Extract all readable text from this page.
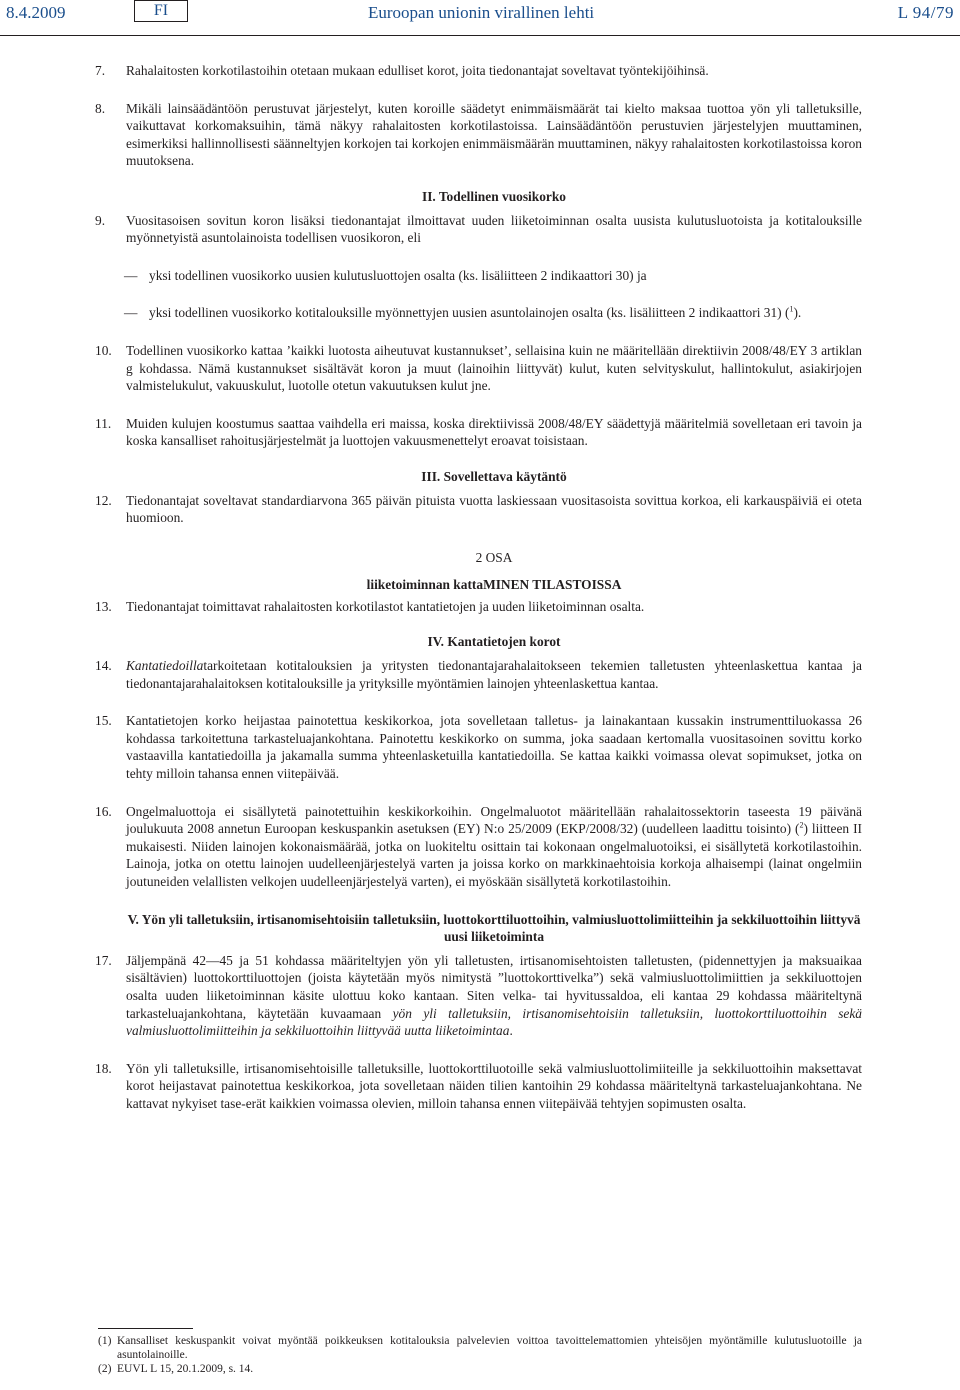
8.4.2009	FI	Euroopan unionin virallinen lehti	L 94/79
7. Rahalaitosten korkotilastoihin otetaan mukaan edulliset korot, joita tiedonantajat soveltavat työntekijöihinsä.
8. Mikäli lainsäädäntöön perustuvat järjestelyt, kuten koroille säädetyt enimmäismäärät tai kielto maksaa tuottoa yön yli talletuksille, vaikuttavat korkomaksuihin, tämä näkyy rahalaitosten korkotilastoissa. Lainsäädäntöön perustuvien järjestelyjen muuttaminen, esimerkiksi hallinnollisesti säänneltyjen korkojen tai korkojen enimmäismäärän muuttaminen, näkyy rahalaitosten korkotilastoissa koron muutoksena.
II. Todellinen vuosikorko
9. Vuositasoisen sovitun koron lisäksi tiedonantajat ilmoittavat uuden liiketoiminnan osalta uusista kulutusluotoista ja kotitalouksille myönnetyistä asuntolainoista todellisen vuosikoron, eli
— yksi todellinen vuosikorko uusien kulutusluottojen osalta (ks. lisäliitteen 2 indikaattori 30) ja
— yksi todellinen vuosikorko kotitalouksille myönnettyjen uusien asuntolainojen osalta (ks. lisäliitteen 2 indikaattori 31) ($^1$).
10. Todellinen vuosikorko kattaa ’kaikki luotosta aiheutuvat kustannukset’, sellaisina kuin ne määritellään direktiivin 2008/48/EY 3 artiklan g kohdassa. Nämä kustannukset sisältävät koron ja muut (lainoihin liittyvät) kulut, kuten selvityskulut, hallintokulut, asiakirjojen valmistelukulut, vakuuskulut, luotolle otetun vakuutuksen kulut jne.
11. Muiden kulujen koostumus saattaa vaihdella eri maissa, koska direktiivissä 2008/48/EY säädettyjä määritelmiä sovelletaan eri tavoin ja koska kansalliset rahoitusjärjestelmät ja luottojen vakuusmenettelyt eroavat toisistaan.
III. Sovellettava käytäntö
12. Tiedonantajat soveltavat standardiarvona 365 päivän pituista vuotta laskiessaan vuositasoista sovittua korkoa, eli karkauspäiviä ei oteta huomioon.
2 OSA
liiketoiminnan kattaMINEN TILASTOISSA
13. Tiedonantajat toimittavat rahalaitosten korkotilastot kantatietojen ja uuden liiketoiminnan osalta.
IV. Kantatietojen korot
14. Kantatiedoillatarkoitetaan kotitalouksien ja yritysten tiedonantajarahalaitokseen tekemien talletusten yhteenlaskettua kantaa ja tiedonantajarahalaitoksen kotitalouksille ja yrityksille myöntämien lainojen yhteenlaskettua kantaa.
15. Kantatietojen korko heijastaa painotettua keskikorkoa, jota sovelletaan talletus- ja lainakantaan kussakin instrumenttiluokassa 26 kohdassa tarkoitettuna tarkasteluajankohtana. Painotettu keskikorko on summa, joka saadaan kertomalla vuositasoinen sovittu korko vastaavilla kantatiedoilla ja jakamalla summa yhteenlasketuilla kantatiedoilla. Se kattaa kaikki voimassa olevat sopimukset, jotka on tehty milloin tahansa ennen viitepäivää.
16. Ongelmaluottoja ei sisällytetä painotettuihin keskikorkoihin. Ongelmaluotot määritellään rahalaitossektorin taseesta 19 päivänä joulukuuta 2008 annetun Euroopan keskuspankin asetuksen (EY) N:o 25/2009 (EKP/2008/32) (uudelleen laadittu toisinto) ($^2$) liitteen II mukaisesti. Niiden lainojen kokonaismäärää, jotka on luokiteltu osittain tai kokonaan ongelmaluotoiksi, ei sisällytetä korkotilastoihin. Lainoja, jotka on otettu lainojen uudelleenjärjestelyä varten ja joissa korko on markkinaehtoisia korkoja alhaisempi (lainat ongelmiin joutuneiden velallisten velkojen uudelleenjärjestelyä varten), ei myöskään sisällytetä korkotilastoihin.
V. Yön yli talletuksiin, irtisanomisehtoisiin talletuksiin, luottokorttiluottoihin, valmiusluottolimiitteihin ja sekkiluottoihin liittyvä uusi liiketoiminta
17. Jäljempänä 42—45 ja 51 kohdassa määriteltyjen yön yli talletusten, irtisanomisehtoisten talletusten, (pidennettyjen ja maksuaikaa sisältävien) luottokorttiluottojen (joista käytetään myös nimitystä ”luottokorttivelka”) sekä valmiusluottolimiittien ja sekkiluottojen osalta uuden liiketoiminnan käsite ulottuu koko kantaan. Siten velka- tai hyvitussaldoa, eli kantaa 29 kohdassa määriteltynä tarkasteluajankohtana, käytetään kuvaamaan yön yli talletuksiin, irtisanomisehtoisiin talletuksiin, luottokorttiluottoihin sekä valmiusluottolimiitteihin ja sekkiluottoihin liittyvää uutta liiketoimintaa.
18. Yön yli talletuksille, irtisanomisehtoisille talletuksille, luottokorttiluotoille sekä valmiusluottolimiiteille ja sekkiluottoihin maksettavat korot heijastavat painotettua keskikorkoa, jota sovelletaan näiden tilien kantoihin 29 kohdassa määriteltynä tarkasteluajankohtana. Ne kattavat nykyiset tase-erät kaikkien voimassa olevien, milloin tahansa ennen viitepäivää tehtyjen sopimusten osalta.
(1) Kansalliset keskuspankit voivat myöntää poikkeuksen kotitalouksia palvelevien voittoa tavoittelemattomien yhteisöjen myöntämille kulutusluotoille ja asuntolainoille.
(2) EUVL L 15, 20.1.2009, s. 14.
